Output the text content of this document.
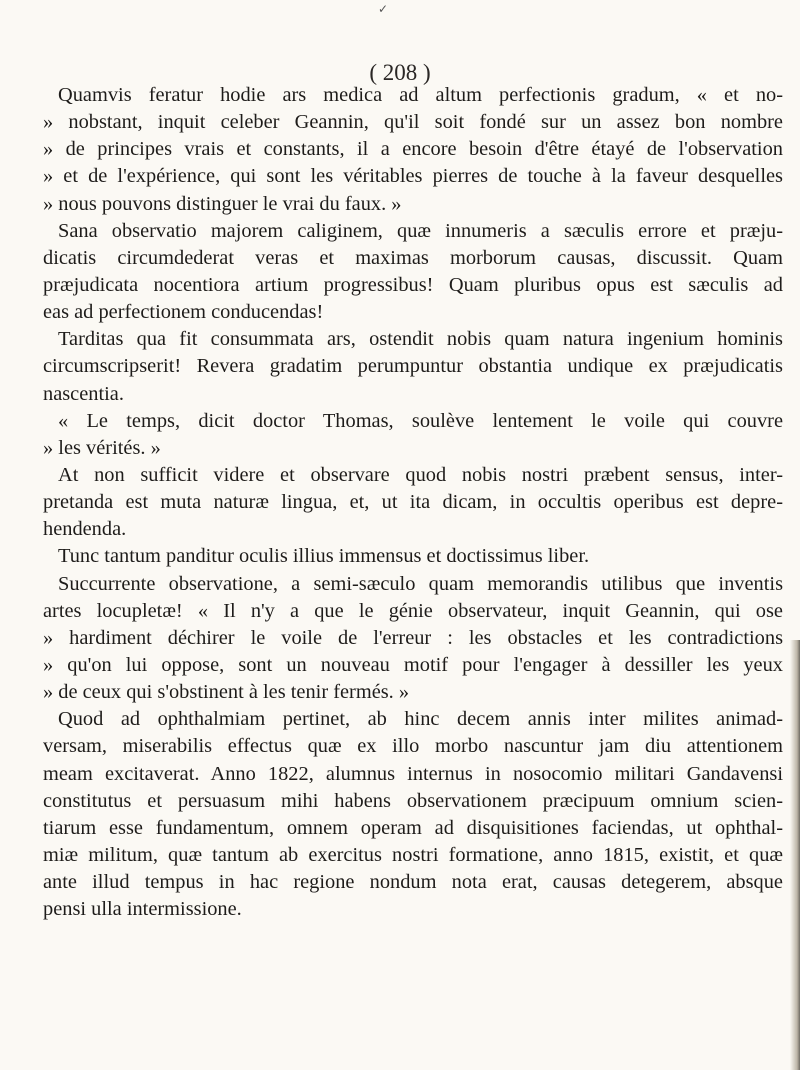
✓
( 208 )
Quamvis feratur hodie ars medica ad altum perfectionis gradum, « et no-
» nobstant, inquit celeber Geannin, qu'il soit fondé sur un assez bon nombre
» de principes vrais et constants, il a encore besoin d'être étayé de l'observation
» et de l'expérience, qui sont les véritables pierres de touche à la faveur desquelles
» nous pouvons distinguer le vrai du faux. »
Sana observatio majorem caliginem, quæ innumeris a sæculis errore et præju-
dicatis circumdederat veras et maximas morborum causas, discussit. Quam
præjudicata nocentiora artium progressibus! Quam pluribus opus est sæculis ad
eas ad perfectionem conducendas!
Tarditas qua fit consummata ars, ostendit nobis quam natura ingenium hominis
circumscripserit! Revera gradatim perumpuntur obstantia undique ex præjudicatis
nascentia.
« Le temps, dicit doctor Thomas, soulève lentement le voile qui couvre
» les vérités. »
At non sufficit videre et observare quod nobis nostri præbent sensus, inter-
pretanda est muta naturæ lingua, et, ut ita dicam, in occultis operibus est depre-
hendenda.
Tunc tantum panditur oculis illius immensus et doctissimus liber.
Succurrente observatione, a semi-sæculo quam memorandis utilibus que inventis
artes locupletæ! « Il n'y a que le génie observateur, inquit Geannin, qui ose
» hardiment déchirer le voile de l'erreur : les obstacles et les contradictions
» qu'on lui oppose, sont un nouveau motif pour l'engager à dessiller les yeux
» de ceux qui s'obstinent à les tenir fermés. »
Quod ad ophthalmiam pertinet, ab hinc decem annis inter milites animad-
versam, miserabilis effectus quæ ex illo morbo nascuntur jam diu attentionem
meam excitaverat. Anno 1822, alumnus internus in nosocomio militari Gandavensi
constitutus et persuasum mihi habens observationem præcipuum omnium scien-
tiarum esse fundamentum, omnem operam ad disquisitiones faciendas, ut ophthal-
miæ militum, quæ tantum ab exercitus nostri formatione, anno 1815, existit, et quæ
ante illud tempus in hac regione nondum nota erat, causas detegerem, absque
pensi ulla intermissione.
